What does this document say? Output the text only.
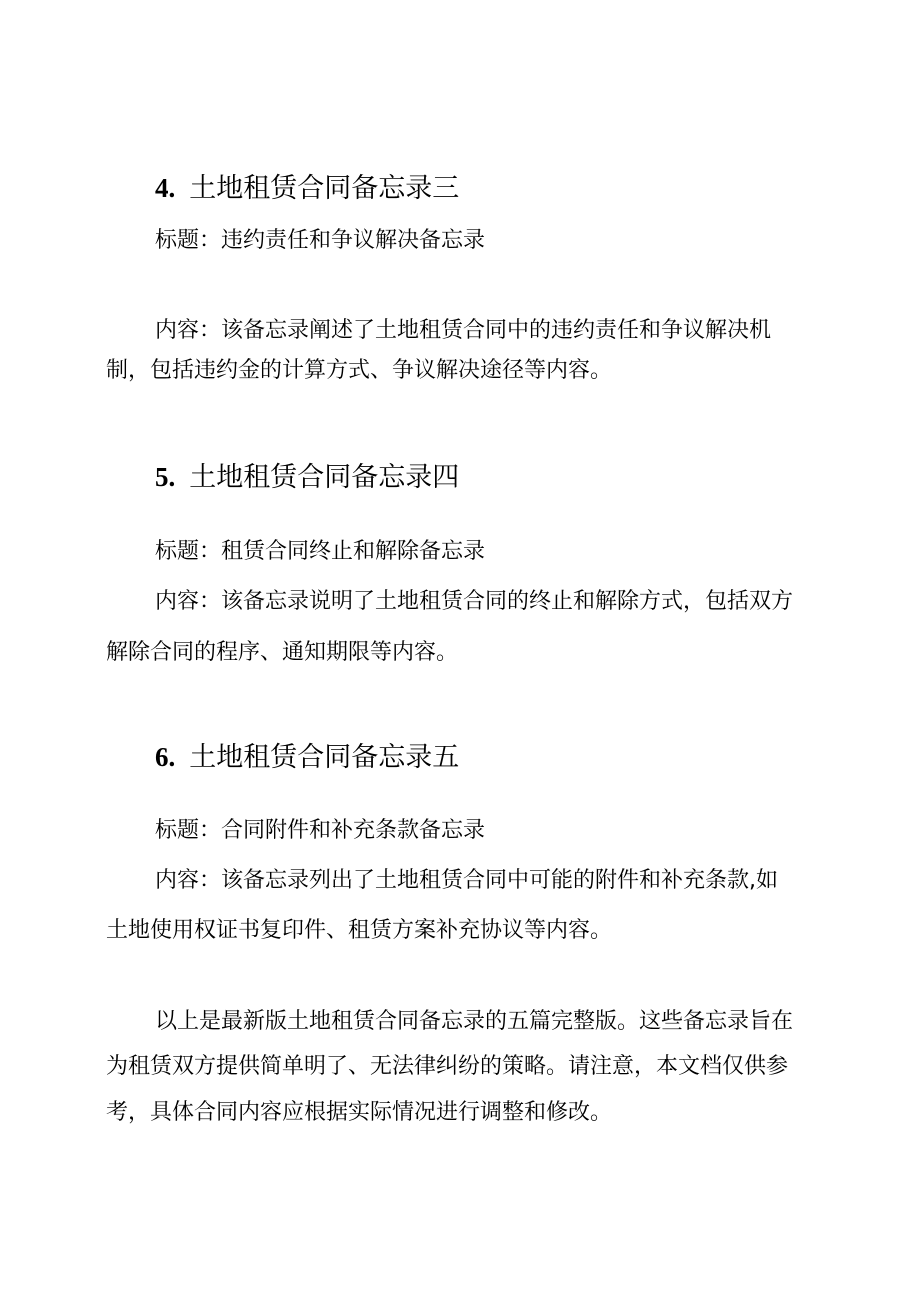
4. 土地租赁合同备忘录三
标题：违约责任和争议解决备忘录
内容：该备忘录阐述了土地租赁合同中的违约责任和争议解决机
制，包括违约金的计算方式、争议解决途径等内容。
5. 土地租赁合同备忘录四
标题：租赁合同终止和解除备忘录
内容：该备忘录说明了土地租赁合同的终止和解除方式，包括双方
解除合同的程序、通知期限等内容。
6. 土地租赁合同备忘录五
标题：合同附件和补充条款备忘录
内容：该备忘录列出了土地租赁合同中可能的附件和补充条款,如
土地使用权证书复印件、租赁方案补充协议等内容。
以上是最新版土地租赁合同备忘录的五篇完整版。这些备忘录旨在
为租赁双方提供简单明了、无法律纠纷的策略。请注意，本文档仅供参
考，具体合同内容应根据实际情况进行调整和修改。
